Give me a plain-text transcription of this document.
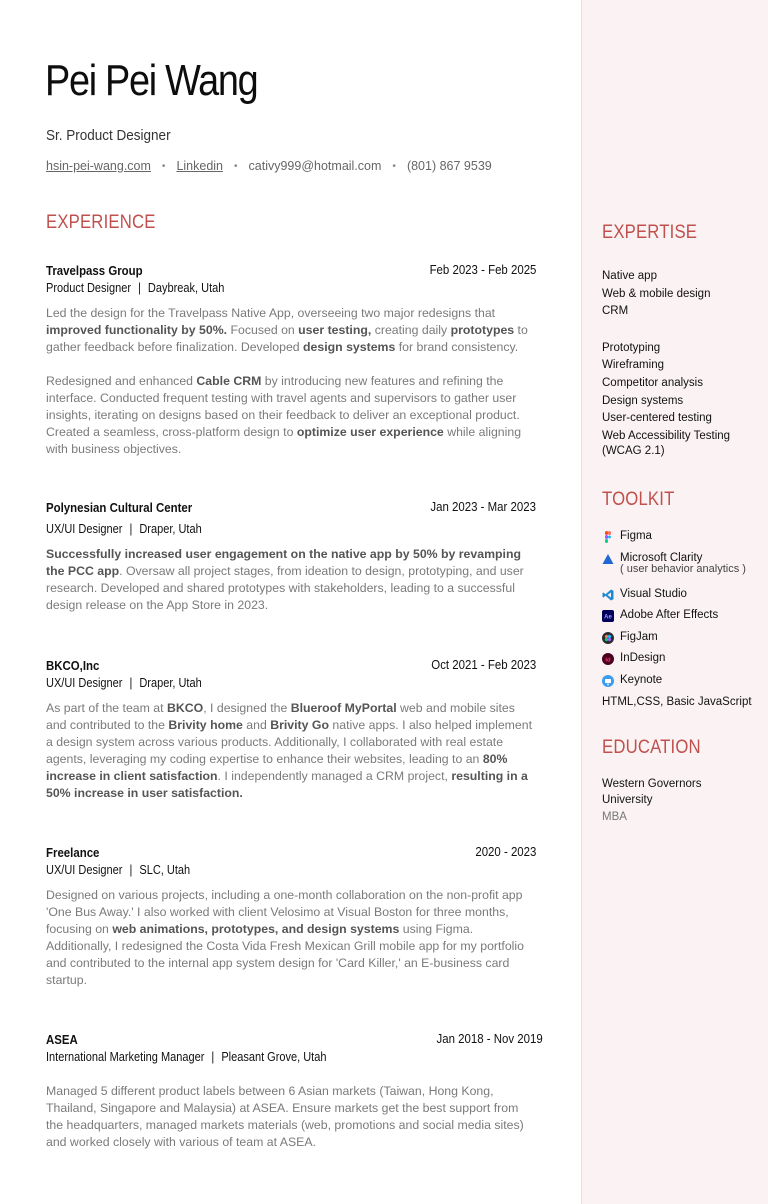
Pei Pei Wang
Sr. Product Designer
hsin-pei-wang.com • Linkedin • cativy999@hotmail.com • (801) 867 9539
EXPERIENCE
Travelpass Group	Feb 2023 - Feb 2025
Product Designer | Daybreak, Utah

Led the design for the Travelpass Native App, overseeing two major redesigns that improved functionality by 50%. Focused on user testing, creating daily prototypes to gather feedback before finalization. Developed design systems for brand consistency.

Redesigned and enhanced Cable CRM by introducing new features and refining the interface. Conducted frequent testing with travel agents and supervisors to gather user insights, iterating on designs based on their feedback to deliver an exceptional product. Created a seamless, cross-platform design to optimize user experience while aligning with business objectives.

Polynesian Cultural Center	Jan 2023 - Mar 2023
UX/UI Designer | Draper, Utah

Successfully increased user engagement on the native app by 50% by revamping the PCC app. Oversaw all project stages, from ideation to design, prototyping, and user research. Developed and shared prototypes with stakeholders, leading to a successful design release on the App Store in 2023.

BKCO,Inc	Oct 2021 - Feb 2023
UX/UI Designer | Draper, Utah

As part of the team at BKCO, I designed the Blueroof MyPortal web and mobile sites and contributed to the Brivity home and Brivity Go native apps. I also helped implement a design system across various products. Additionally, I collaborated with real estate agents, leveraging my coding expertise to enhance their websites, leading to an 80% increase in client satisfaction. I independently managed a CRM project, resulting in a 50% increase in user satisfaction.

Freelance	2020 - 2023
UX/UI Designer | SLC, Utah

Designed on various projects, including a one-month collaboration on the non-profit app 'One Bus Away.' I also worked with client Velosimo at Visual Boston for three months, focusing on web animations, prototypes, and design systems using Figma. Additionally, I redesigned the Costa Vida Fresh Mexican Grill mobile app for my portfolio and contributed to the internal app system design for 'Card Killer,' an E-business card startup.

ASEA	Jan 2018 - Nov 2019
International Marketing Manager | Pleasant Grove, Utah

Managed 5 different product labels between 6 Asian markets (Taiwan, Hong Kong, Thailand, Singapore and Malaysia) at ASEA. Ensure markets get the best support from the headquarters, managed markets materials (web, promotions and social media sites) and worked closely with various of team at ASEA.

EXPERTISE
Native app
Web & mobile design
CRM
Prototyping
Wireframing
Competitor analysis
Design systems
User-centered testing
Web Accessibility Testing
(WCAG 2.1)
TOOLKIT
Figma
Microsoft Clarity
( user behavior analytics )
Visual Studio
Ae Adobe After Effects
FigJam
Id InDesign
Keynote
HTML,CSS, Basic JavaScript
EDUCATION
Western Governors
University
MBA
